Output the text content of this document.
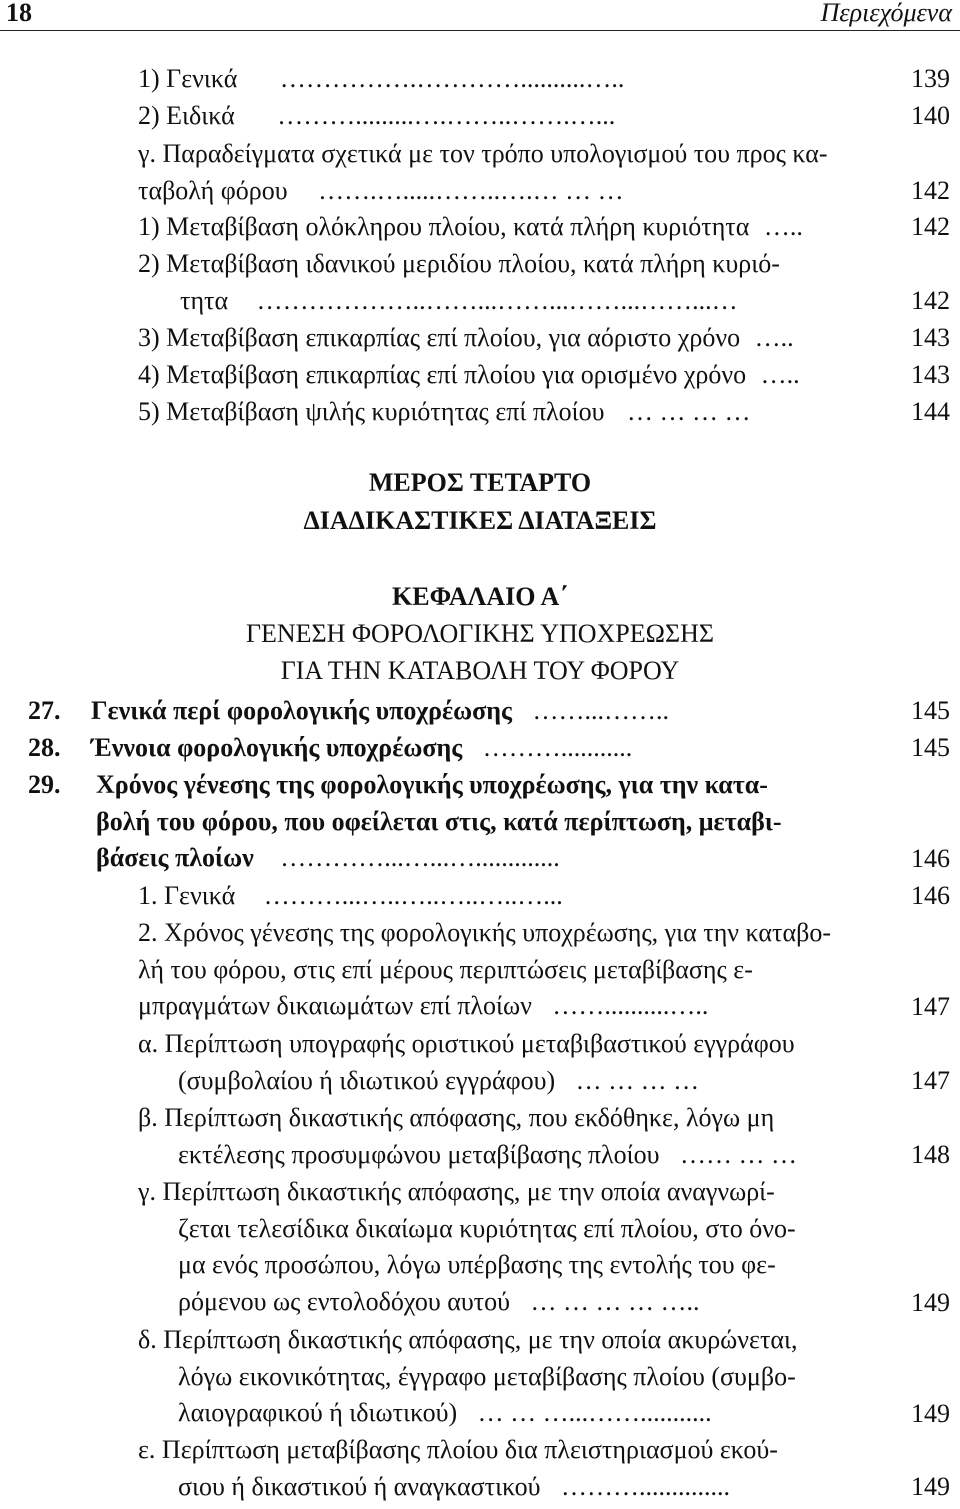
18	Περιεχόμενα
1) Γενικά …………….…………..........…..	139
2) Ειδικά ……….........….……..…….…...	140
γ. Παραδείγματα σχετικά με τον τρόπο υπολογισμού του προς κα-
ταβολή φόρου …….….....……..….… … …	142
1) Μεταβίβαση ολόκληρου πλοίου, κατά πλήρη κυριότητα …..	142
2) Μεταβίβαση ιδανικού μεριδίου πλοίου, κατά πλήρη κυριό-
τητα ………………..……...……...……...……...…	142
3) Μεταβίβαση επικαρπίας επί πλοίου, για αόριστο χρόνο …..	143
4) Μεταβίβαση επικαρπίας επί πλοίου για ορισμένο χρόνο …..	143
5) Μεταβίβαση ψιλής κυριότητας επί πλοίου … … … …	144
ΜΕΡΟΣ ΤΕΤΑΡΤΟ
ΔΙΑΔΙΚΑΣΤΙΚΕΣ ΔΙΑΤΑΞΕΙΣ
ΚΕΦΑΛΑΙΟ Α΄
ΓΕΝΕΣΗ ΦΟΡΟΛΟΓΙΚΗΣ ΥΠΟΧΡΕΩΣΗΣ
ΓΙΑ ΤΗΝ ΚΑΤΑΒΟΛΗ ΤΟΥ ΦΟΡΟΥ
27. Γενικά περί φορολογικής υποχρέωσης ……...……..	145
28. Έννοια φορολογικής υποχρέωσης ………...........	145
29. Χρόνος γένεσης της φορολογικής υποχρέωσης, για την κατα-
βολή του φόρου, που οφείλεται στις, κατά περίπτωση, μεταβι-
βάσεις πλοίων …………...…...….............	146
1. Γενικά ………...…..…..…..…..…...	146
2. Χρόνος γένεσης της φορολογικής υποχρέωσης, για την καταβο-
λή του φόρου, στις επί μέρους περιπτώσεις μεταβίβασης ε-
μπραγμάτων δικαιωμάτων επί πλοίων ……..........…..	147
α. Περίπτωση υπογραφής οριστικού μεταβιβαστικού εγγράφου
(συμβολαίου ή ιδιωτικού εγγράφου) … … … …	147
β. Περίπτωση δικαστικής απόφασης, που εκδόθηκε, λόγω μη
εκτέλεσης προσυμφώνου μεταβίβασης πλοίου …… … …	148
γ. Περίπτωση δικαστικής απόφασης, με την οποία αναγνωρί-
ζεται τελεσίδικα δικαίωμα κυριότητας επί πλοίου, στο όνο-
μα ενός προσώπου, λόγω υπέρβασης της εντολής του φε-
ρόμενου ως εντολοδόχου αυτού … … … … …..	149
δ. Περίπτωση δικαστικής απόφασης, με την οποία ακυρώνεται,
λόγω εικονικότητας, έγγραφο μεταβίβασης πλοίου (συμβο-
λαιογραφικού ή ιδιωτικού) … … …...……...........	149
ε. Περίπτωση μεταβίβασης πλοίου δια πλειστηριασμού εκού-
σιου ή δικαστικού ή αναγκαστικού ………..............	149
